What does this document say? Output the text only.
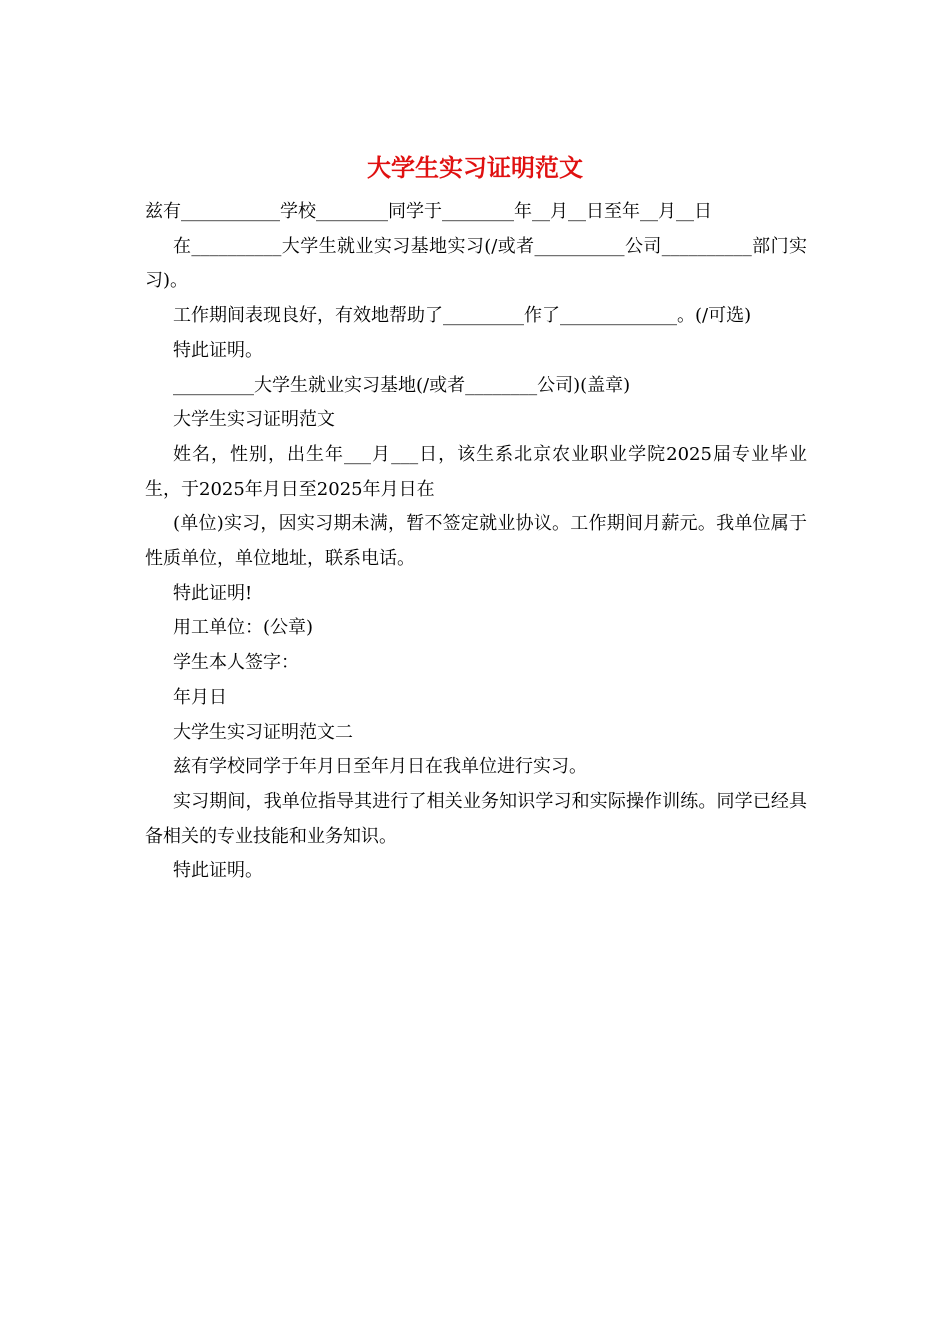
大学生实习证明范文

兹有___________学校________同学于________年__月__日至年__月__日

在__________大学生就业实习基地实习(/或者__________公司__________部门实习)。

工作期间表现良好，有效地帮助了_________作了_____________。(/可选)

特此证明。

_________大学生就业实习基地(/或者________公司)(盖章)

大学生实习证明范文

姓名，性别，出生年___月___日，该生系北京农业职业学院2025届专业毕业生，于2025年月日至2025年月日在

(单位)实习，因实习期未满，暂不签定就业协议。工作期间月薪元。我单位属于性质单位，单位地址，联系电话。

特此证明!

用工单位：(公章)

学生本人签字：

年月日

大学生实习证明范文二

兹有学校同学于年月日至年月日在我单位进行实习。

实习期间，我单位指导其进行了相关业务知识学习和实际操作训练。同学已经具备相关的专业技能和业务知识。

特此证明。
